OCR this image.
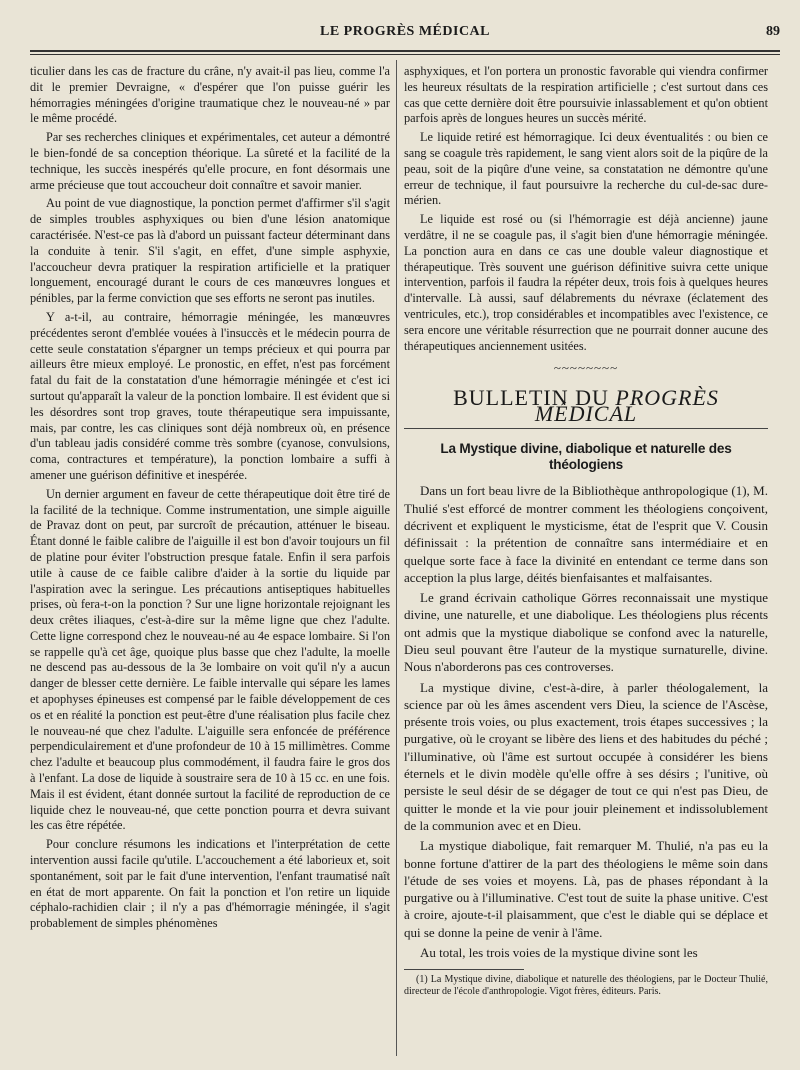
LE PROGRÈS MÉDICAL	89

ticulier dans les cas de fracture du crâne, n'y avait-il pas lieu, comme l'a dit le premier Devraigne, « d'espérer que l'on puisse guérir les hémorragies méningées d'origine traumatique chez le nouveau-né » par le même procédé.

Par ses recherches cliniques et expérimentales, cet auteur a démontré le bien-fondé de sa conception théorique. La sûreté et la facilité de la technique, les succès inespérés qu'elle procure, en font désormais une arme précieuse que tout accoucheur doit connaître et savoir manier.

Au point de vue diagnostique, la ponction permet d'affirmer s'il s'agit de simples troubles asphyxiques ou bien d'une lésion anatomique caractérisée. N'est-ce pas là d'abord un puissant facteur déterminant dans la conduite à tenir. S'il s'agit, en effet, d'une simple asphyxie, l'accoucheur devra pratiquer la respiration artificielle et la pratiquer longuement, encouragé durant le cours de ces manœuvres longues et pénibles, par la ferme conviction que ses efforts ne seront pas inutiles.

Y a-t-il, au contraire, hémorragie méningée, les manœuvres précédentes seront d'emblée vouées à l'insuccès et le médecin pourra de cette seule constatation s'épargner un temps précieux et qui pourra par ailleurs être mieux employé. Le pronostic, en effet, n'est pas forcément fatal du fait de la constatation d'une hémorragie méningée et c'est ici surtout qu'apparaît la valeur de la ponction lombaire. Il est évident que si les désordres sont trop graves, toute thérapeutique sera impuissante, mais, par contre, les cas cliniques sont déjà nombreux où, en présence d'un tableau jadis considéré comme très sombre (cyanose, convulsions, coma, contractures et température), la ponction lombaire a suffi à amener une guérison définitive et inespérée.

Un dernier argument en faveur de cette thérapeutique doit être tiré de la facilité de la technique. Comme instrumentation, une simple aiguille de Pravaz dont on peut, par surcroît de précaution, atténuer le biseau. Étant donné le faible calibre de l'aiguille il est bon d'avoir toujours un fil de platine pour éviter l'obstruction presque fatale. Enfin il sera parfois utile à cause de ce faible calibre d'aider à la sortie du liquide par l'aspiration avec la seringue. Les précautions antiseptiques habituelles prises, où fera-t-on la ponction ? Sur une ligne horizontale rejoignant les deux crêtes iliaques, c'est-à-dire sur la même ligne que chez l'adulte. Cette ligne correspond chez le nouveau-né au 4e espace lombaire. Si l'on se rappelle qu'à cet âge, quoique plus basse que chez l'adulte, la moelle ne descend pas au-dessous de la 3e lombaire on voit qu'il n'y a aucun danger de blesser cette dernière. Le faible intervalle qui sépare les lames et apophyses épineuses est compensé par le faible développement de ces os et en réalité la ponction est peut-être d'une réalisation plus facile chez le nouveau-né que chez l'adulte. L'aiguille sera enfoncée de préférence perpendiculairement et d'une profondeur de 10 à 15 millimètres. Comme chez l'adulte et beaucoup plus commodément, il faudra faire le gros dos à l'enfant. La dose de liquide à soustraire sera de 10 à 15 cc. en une fois. Mais il est évident, étant donnée surtout la facilité de reproduction de ce liquide chez le nouveau-né, que cette ponction pourra et devra suivant les cas être répétée.

Pour conclure résumons les indications et l'interprétation de cette intervention aussi facile qu'utile. L'accouchement a été laborieux et, soit spontanément, soit par le fait d'une intervention, l'enfant traumatisé naît en état de mort apparente. On fait la ponction et l'on retire un liquide céphalo-rachidien clair ; il n'y a pas d'hémorragie méningée, il s'agit probablement de simples phénomènes

asphyxiques, et l'on portera un pronostic favorable qui viendra confirmer les heureux résultats de la respiration artificielle ; c'est surtout dans ces cas que cette dernière doit être poursuivie inlassablement et qu'on obtient parfois après de longues heures un succès mérité.

Le liquide retiré est hémorragique. Ici deux éventualités : ou bien ce sang se coagule très rapidement, le sang vient alors soit de la piqûre de la peau, soit de la piqûre d'une veine, sa constatation ne démontre qu'une erreur de technique, il faut poursuivre la recherche du cul-de-sac dure-mérien.

Le liquide est rosé ou (si l'hémorragie est déjà ancienne) jaune verdâtre, il ne se coagule pas, il s'agit bien d'une hémorragie méningée. La ponction aura en dans ce cas une double valeur diagnostique et thérapeutique. Très souvent une guérison définitive suivra cette unique intervention, parfois il faudra la répéter deux, trois fois à quelques heures d'intervalle. Là aussi, sauf délabrements du névraxe (éclatement des ventricules, etc.), trop considérables et incompatibles avec l'existence, ce sera encore une véritable résurrection que ne pourrait donner aucune des thérapeutiques anciennement usitées.

~~~~~~~~
BULLETIN DU PROGRÈS MÉDICAL
La Mystique divine, diabolique et naturelle des théologiens

Dans un fort beau livre de la Bibliothèque anthropologique (1), M. Thulié s'est efforcé de montrer comment les théologiens conçoivent, décrivent et expliquent le mysticisme, état de l'esprit que V. Cousin définissait : la prétention de connaître sans intermédiaire et en quelque sorte face à face la divinité en entendant ce terme dans son acception la plus large, déités bienfaisantes et malfaisantes.

Le grand écrivain catholique Görres reconnaissait une mystique divine, une naturelle, et une diabolique. Les théologiens plus récents ont admis que la mystique diabolique se confond avec la naturelle, Dieu seul pouvant être l'auteur de la mystique surnaturelle, divine. Nous n'aborderons pas ces controverses.

La mystique divine, c'est-à-dire, à parler théologalement, la science par où les âmes ascendent vers Dieu, la science de l'Ascèse, présente trois voies, ou plus exactement, trois étapes successives ; la purgative, où le croyant se libère des liens et des habitudes du péché ; l'illuminative, où l'âme est surtout occupée à considérer les biens éternels et le divin modèle qu'elle offre à ses désirs ; l'unitive, où persiste le seul désir de se dégager de tout ce qui n'est pas Dieu, de quitter le monde et la vie pour jouir pleinement et indissolublement de la communion avec et en Dieu.

La mystique diabolique, fait remarquer M. Thulié, n'a pas eu la bonne fortune d'attirer de la part des théologiens le même soin dans l'étude de ses voies et moyens. Là, pas de phases répondant à la purgative ou à l'illuminative. C'est tout de suite la phase unitive. C'est à croire, ajoute-t-il plaisamment, que c'est le diable qui se déplace et qui se donne la peine de venir à l'âme.

Au total, les trois voies de la mystique divine sont les

(1) La Mystique divine, diabolique et naturelle des théologiens, par le Docteur Thulié, directeur de l'école d'anthropologie. Vigot frères, éditeurs. Paris.
